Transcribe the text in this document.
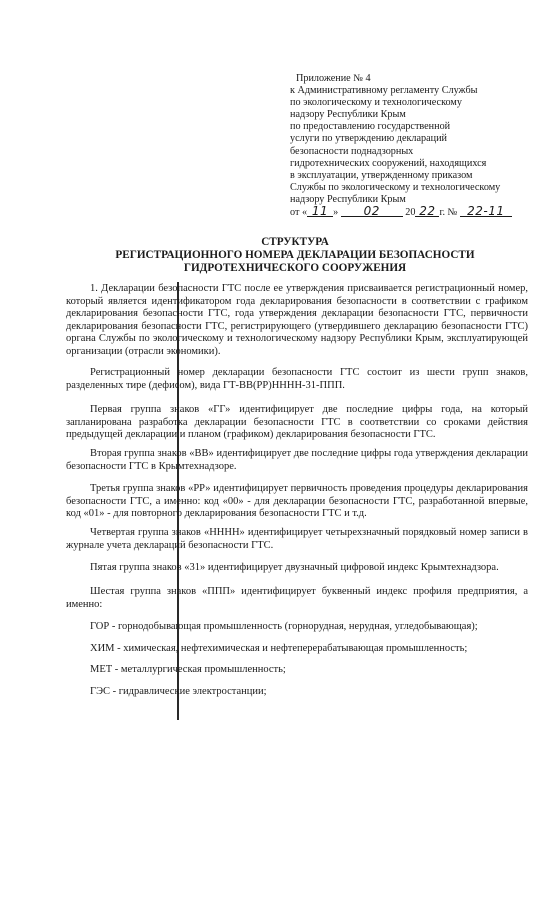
Приложение № 4
к Административному регламенту Службы
по экологическому и технологическому
надзору Республики Крым
по предоставлению государственной
услуги по утверждению деклараций
безопасности поднадзорных
гидротехнических сооружений, находящихся
в эксплуатации, утвержденному приказом
Службы по экологическому и технологическому
надзору Республики Крым
от « 11 » 02 20 22 г. № 22-11
СТРУКТУРА
РЕГИСТРАЦИОННОГО НОМЕРА ДЕКЛАРАЦИИ БЕЗОПАСНОСТИ
ГИДРОТЕХНИЧЕСКОГО СООРУЖЕНИЯ
1. Декларации безопасности ГТС после ее утверждения присваивается регистрационный номер, который является идентификатором года декларирования безопасности в соответствии с графиком декларирования безопасности ГТС, года утверждения декларации безопасности ГТС, первичности декларирования безопасности ГТС, регистрирующего (утвердившего декларацию безопасности ГТС) органа Службы по экологическому и технологическому надзору Республики Крым, эксплуатирующей организации (отрасли экономики).
Регистрационный номер декларации безопасности ГТС состоит из шести групп знаков, разделенных тире (дефисом), вида ГТ-ВВ(РР)НННН-31-ППП.
Первая группа знаков «ГГ» идентифицирует две последние цифры года, на который запланирована разработка декларации безопасности ГТС в соответствии со сроками действия предыдущей декларации и планом (графиком) декларирования безопасности ГТС.
Вторая группа знаков «ВВ» идентифицирует две последние цифры года утверждения декларации безопасности ГТС в Крымтехнадзоре.
Третья группа знаков «РР» идентифицирует первичность проведения процедуры декларирования безопасности ГТС, а именно: код «00» - для декларации безопасности ГТС, разработанной впервые, код «01» - для повторного декларирования безопасности ГТС и т.д.
Четвертая группа знаков «НННН» идентифицирует четырехзначный порядковый номер записи в журнале учета деклараций безопасности ГТС.
Пятая группа знаков «31» идентифицирует двузначный цифровой индекс Крымтехнадзора.
Шестая группа знаков «ППП» идентифицирует буквенный индекс профиля предприятия, а именно:
ГОР - горнодобывающая промышленность (горнорудная, нерудная, угледобывающая);
ХИМ - химическая, нефтехимическая и нефтеперерабатывающая промышленность;
МЕТ - металлургическая промышленность;
ГЭС - гидравлические электростанции;
